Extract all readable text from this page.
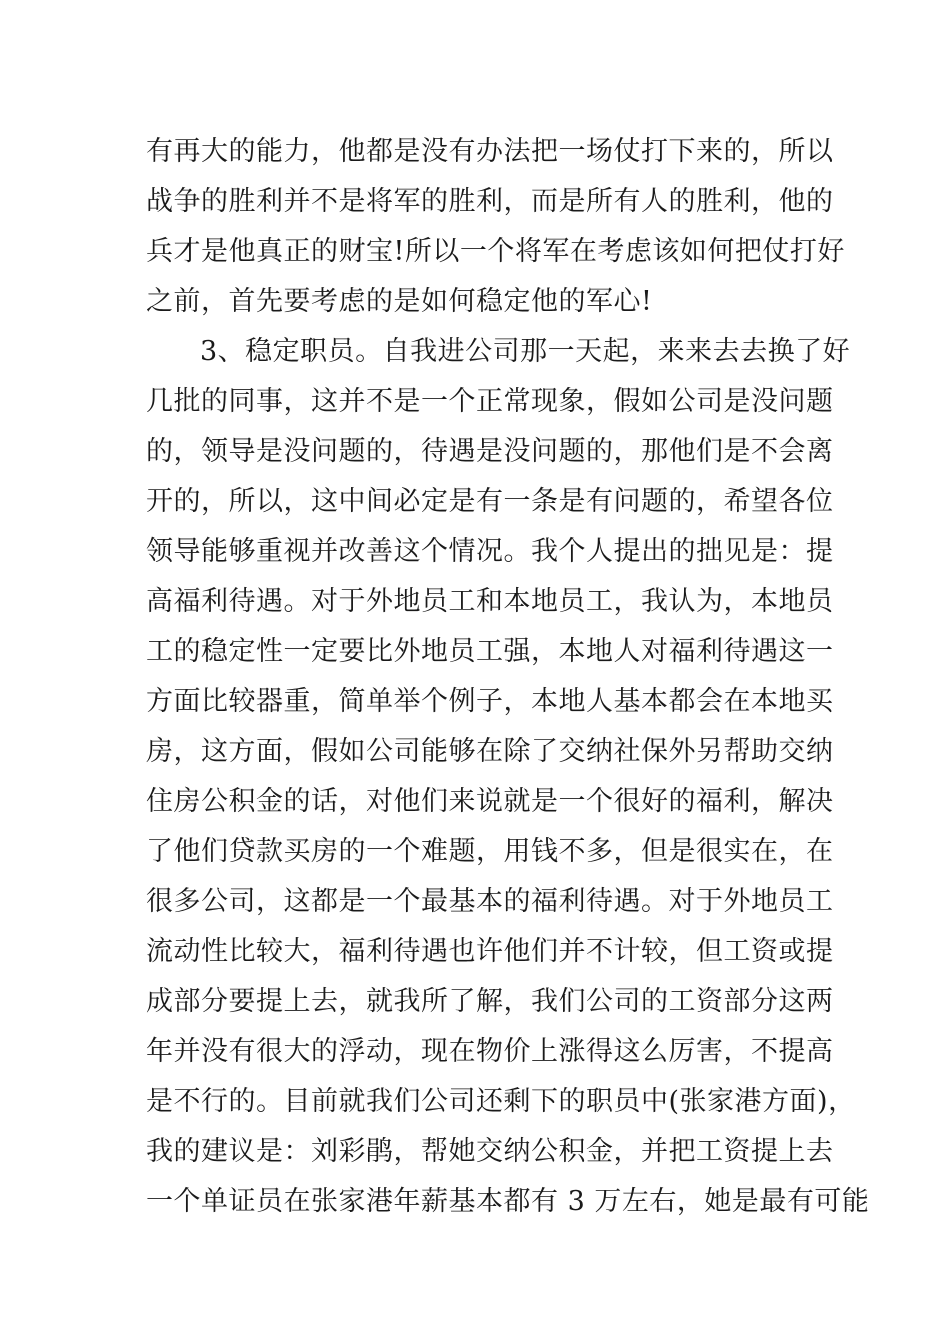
有再大的能力，他都是没有办法把一场仗打下来的，所以
战争的胜利并不是将军的胜利，而是所有人的胜利，他的
兵才是他真正的财宝!所以一个将军在考虑该如何把仗打好
之前，首先要考虑的是如何稳定他的军心!
3、稳定职员。自我进公司那一天起，来来去去换了好
几批的同事，这并不是一个正常现象，假如公司是没问题
的，领导是没问题的，待遇是没问题的，那他们是不会离
开的，所以，这中间必定是有一条是有问题的，希望各位
领导能够重视并改善这个情况。我个人提出的拙见是：提
高福利待遇。对于外地员工和本地员工，我认为，本地员
工的稳定性一定要比外地员工强，本地人对福利待遇这一
方面比较器重，简单举个例子，本地人基本都会在本地买
房，这方面，假如公司能够在除了交纳社保外另帮助交纳
住房公积金的话，对他们来说就是一个很好的福利，解决
了他们贷款买房的一个难题，用钱不多，但是很实在，在
很多公司，这都是一个最基本的福利待遇。对于外地员工
流动性比较大，福利待遇也许他们并不计较，但工资或提
成部分要提上去，就我所了解，我们公司的工资部分这两
年并没有很大的浮动，现在物价上涨得这么厉害，不提高
是不行的。目前就我们公司还剩下的职员中(张家港方面)，
我的建议是：刘彩鹃，帮她交纳公积金，并把工资提上去
一个单证员在张家港年薪基本都有 3 万左右，她是最有可能
